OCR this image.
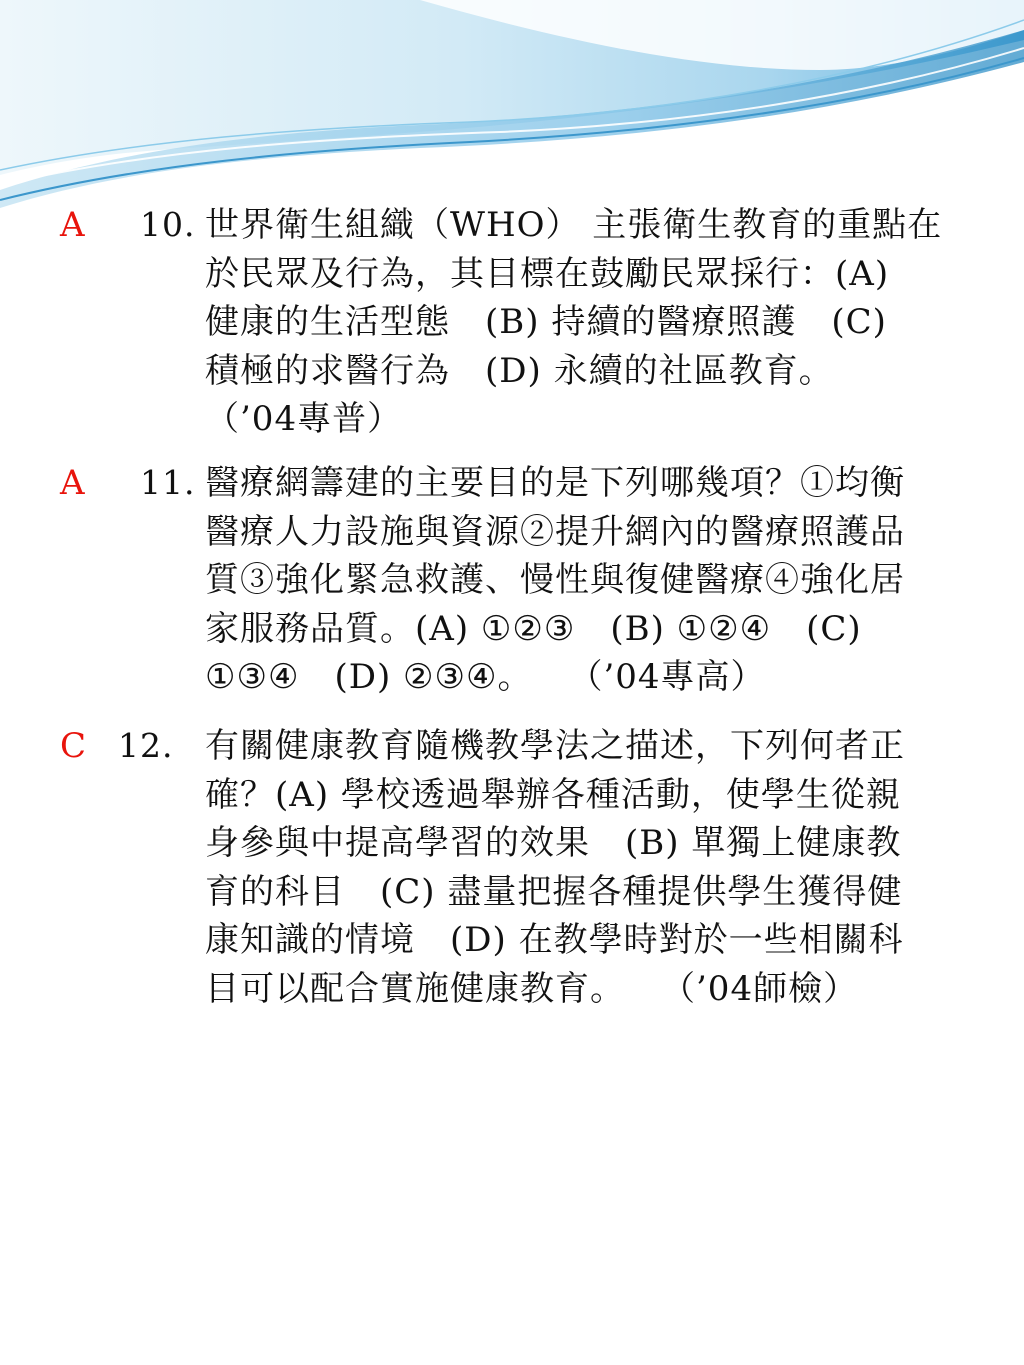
A 10. 世界衛生組織（WHO） 主張衛生教育的重點在
於民眾及行為，其目標在鼓勵民眾採行：(A)
健康的生活型態　(B) 持續的醫療照護　(C)
積極的求醫行為　(D) 永續的社區教育。
（’04專普）

A 11. 醫療網籌建的主要目的是下列哪幾項？①均衡
醫療人力設施與資源②提升網內的醫療照護品
質③強化緊急救護、慢性與復健醫療④強化居
家服務品質。(A) ①②③　(B) ①②④　(C)
①③④　(D) ②③④。　　（’04專高）

C 12. 有關健康教育隨機教學法之描述，下列何者正
確？(A) 學校透過舉辦各種活動，使學生從親
身參與中提高學習的效果　(B) 單獨上健康教
育的科目　(C) 盡量把握各種提供學生獲得健
康知識的情境　(D) 在教學時對於一些相關科
目可以配合實施健康教育。　　（’04師檢）
